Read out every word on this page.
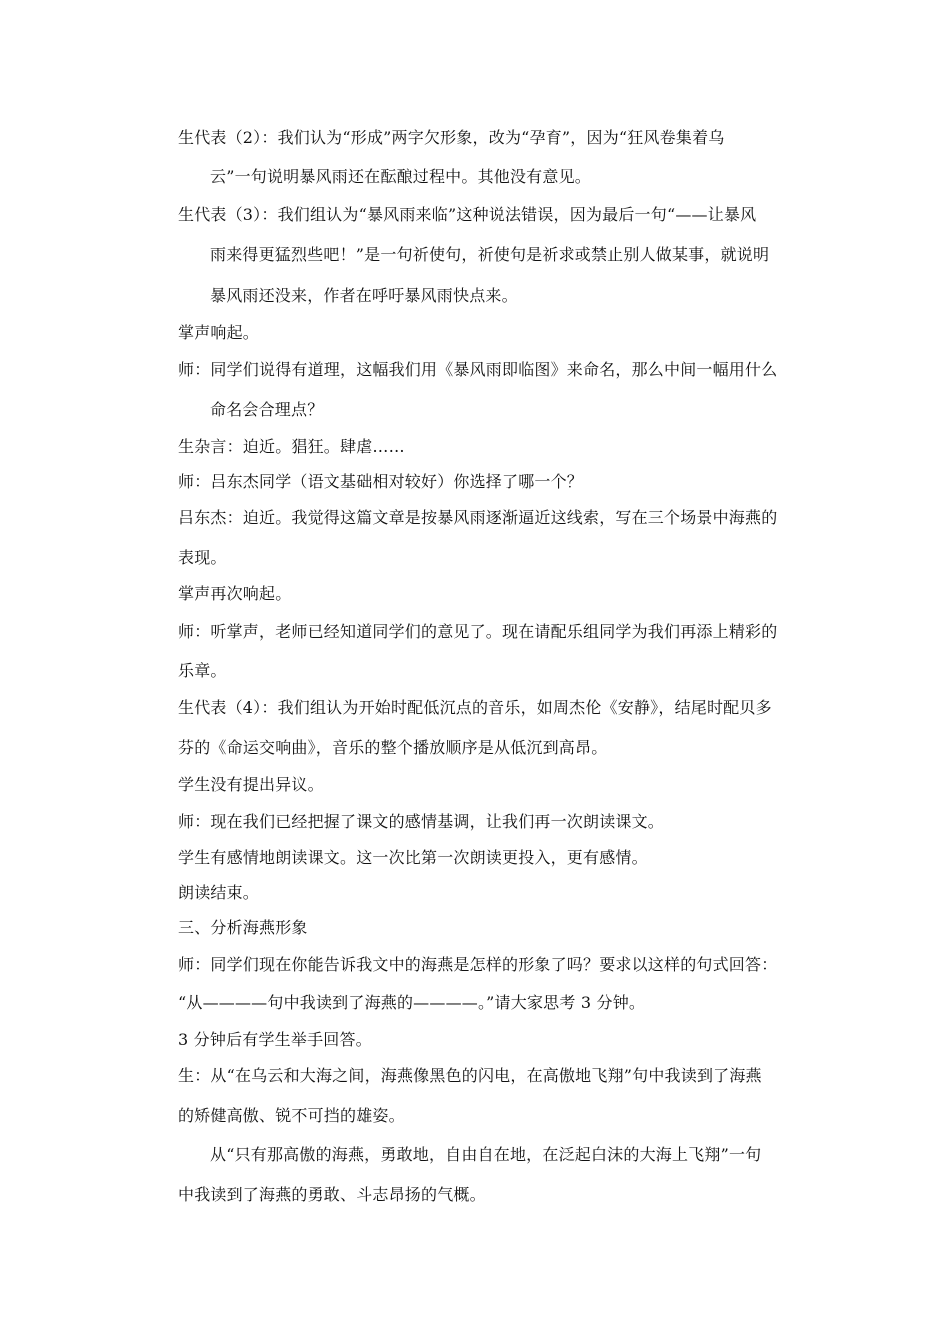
生代表（2）：我们认为“形成”两字欠形象，改为“孕育”，因为“狂风卷集着乌
云”一句说明暴风雨还在酝酿过程中。其他没有意见。
生代表（3）：我们组认为“暴风雨来临”这种说法错误，因为最后一句“——让暴风
雨来得更猛烈些吧！”是一句祈使句，祈使句是祈求或禁止别人做某事，就说明
暴风雨还没来，作者在呼吁暴风雨快点来。
掌声响起。
师：同学们说得有道理，这幅我们用《暴风雨即临图》来命名，那么中间一幅用什么
命名会合理点？
生杂言：迫近。猖狂。肆虐……
师：吕东杰同学（语文基础相对较好）你选择了哪一个？
吕东杰：迫近。我觉得这篇文章是按暴风雨逐渐逼近这线索，写在三个场景中海燕的
表现。
掌声再次响起。
师：听掌声，老师已经知道同学们的意见了。现在请配乐组同学为我们再添上精彩的
乐章。
生代表（4）：我们组认为开始时配低沉点的音乐，如周杰伦《安静》，结尾时配贝多
芬的《命运交响曲》，音乐的整个播放顺序是从低沉到高昂。
学生没有提出异议。
师：现在我们已经把握了课文的感情基调，让我们再一次朗读课文。
学生有感情地朗读课文。这一次比第一次朗读更投入，更有感情。
朗读结束。
三、分析海燕形象
师：同学们现在你能告诉我文中的海燕是怎样的形象了吗？要求以这样的句式回答：
“从————句中我读到了海燕的————。”请大家思考 3 分钟。
3 分钟后有学生举手回答。
生：从“在乌云和大海之间，海燕像黑色的闪电，在高傲地飞翔”句中我读到了海燕
的矫健高傲、锐不可挡的雄姿。
从“只有那高傲的海燕，勇敢地，自由自在地，在泛起白沫的大海上飞翔”一句
中我读到了海燕的勇敢、斗志昂扬的气概。
